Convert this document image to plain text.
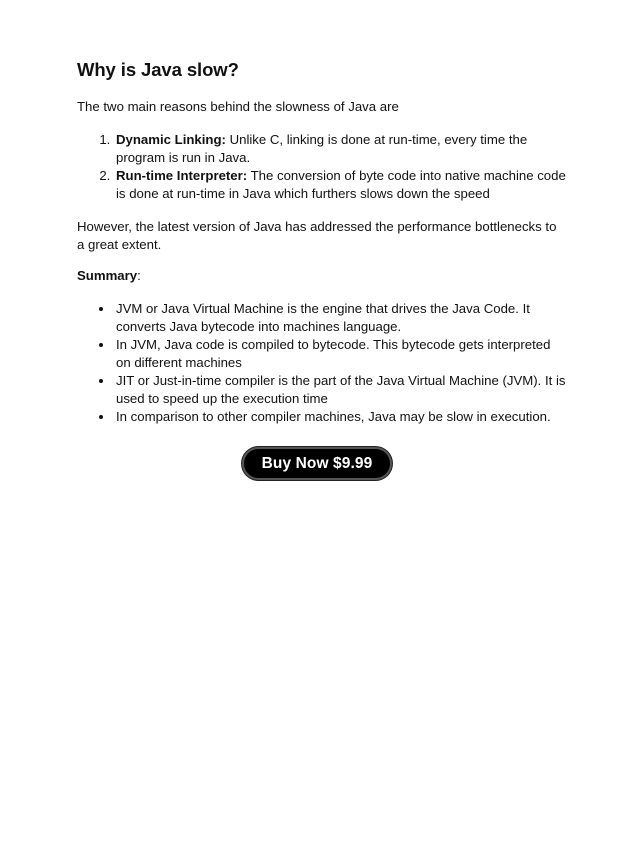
Why is Java slow?

The two main reasons behind the slowness of Java are

1. Dynamic Linking: Unlike C, linking is done at run-time, every time the program is run in Java.
2. Run-time Interpreter: The conversion of byte code into native machine code is done at run-time in Java which furthers slows down the speed

However, the latest version of Java has addressed the performance bottlenecks to a great extent.

Summary:

• JVM or Java Virtual Machine is the engine that drives the Java Code. It converts Java bytecode into machines language.
• In JVM, Java code is compiled to bytecode. This bytecode gets interpreted on different machines
• JIT or Just-in-time compiler is the part of the Java Virtual Machine (JVM). It is used to speed up the execution time
• In comparison to other compiler machines, Java may be slow in execution.
Buy Now $9.99
